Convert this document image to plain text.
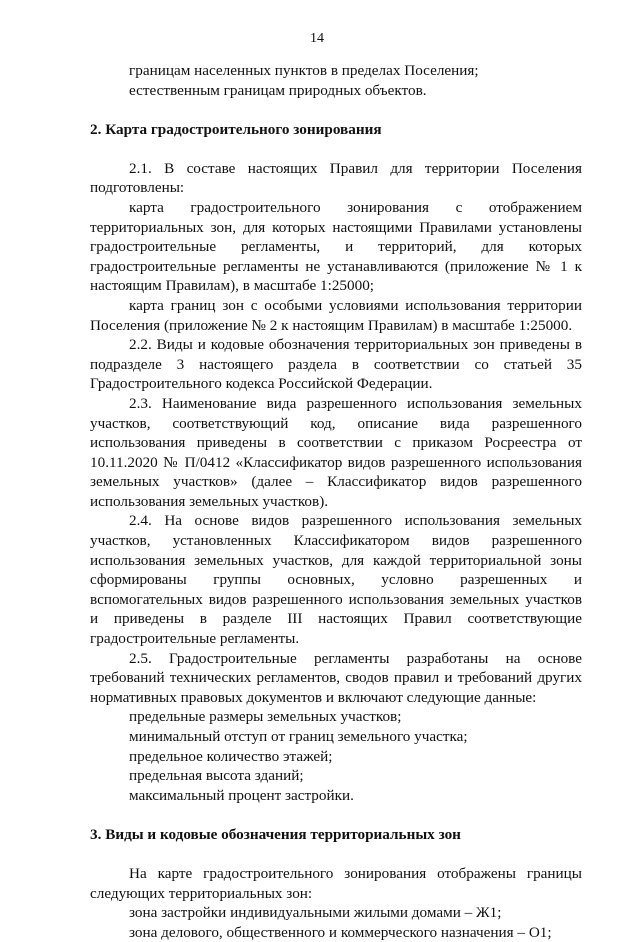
14

границам населенных пунктов в пределах Поселения;

естественным границам природных объектов.

2. Карта градостроительного зонирования

2.1. В составе настоящих Правил для территории Поселения подготовлены:

карта градостроительного зонирования с отображением территориальных зон, для которых настоящими Правилами установлены градостроительные регламенты, и территорий, для которых градостроительные регламенты не устанавливаются (приложение № 1 к настоящим Правилам), в масштабе 1:25000;

карта границ зон с особыми условиями использования территории Поселения (приложение № 2 к настоящим Правилам) в масштабе 1:25000.

2.2. Виды и кодовые обозначения территориальных зон приведены в подразделе 3 настоящего раздела в соответствии со статьей 35 Градостроительного кодекса Российской Федерации.

2.3. Наименование вида разрешенного использования земельных участков, соответствующий код, описание вида разрешенного использования приведены в соответствии с приказом Росреестра от 10.11.2020 № П/0412 «Классификатор видов разрешенного использования земельных участков» (далее – Классификатор видов разрешенного использования земельных участков).

2.4. На основе видов разрешенного использования земельных участков, установленных Классификатором видов разрешенного использования земельных участков, для каждой территориальной зоны сформированы группы основных, условно разрешенных и вспомогательных видов разрешенного использования земельных участков и приведены в разделе III настоящих Правил соответствующие градостроительные регламенты.

2.5. Градостроительные регламенты разработаны на основе требований технических регламентов, сводов правил и требований других нормативных правовых документов и включают следующие данные:

предельные размеры земельных участков;

минимальный отступ от границ земельного участка;

предельное количество этажей;

предельная высота зданий;

максимальный процент застройки.

3. Виды и кодовые обозначения территориальных зон

На карте градостроительного зонирования отображены границы следующих территориальных зон:

зона застройки индивидуальными жилыми домами – Ж1;

зона делового, общественного и коммерческого назначения – О1;
